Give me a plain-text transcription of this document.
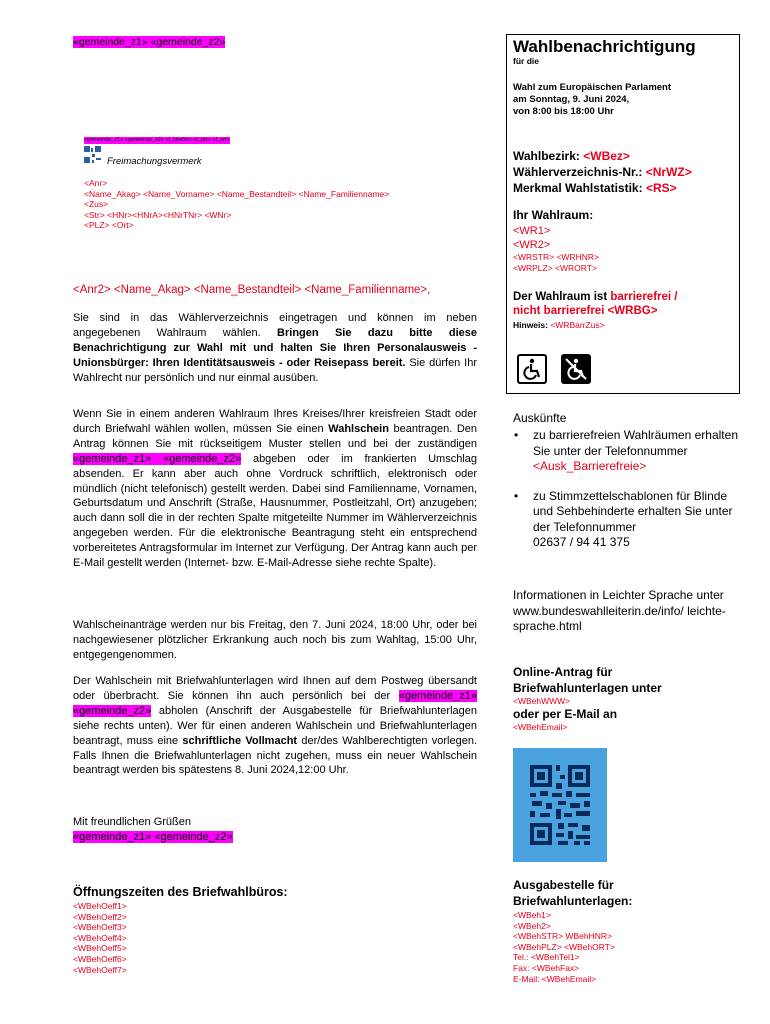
«gemeinde_z1» «gemeinde_z2»
«gemeinde_z1» «gemeinde_z2» «I_straße» «I_plz» «I_ort»
Freimachungsvermerk
<Anr>
<Name_Akag> <Name_Vorname> <Name_Bestandteil> <Name_Familienname>
<Zus>
<Str> <HNr><HNrA><HNrTNr> <WNr>
<PLZ> <Ort>
<Anr2> <Name_Akag> <Name_Bestandteil> <Name_Familienname>,

Sie sind in das Wählerverzeichnis eingetragen und können im neben angegebenen Wahlraum wählen. Bringen Sie dazu bitte diese Benachrichtigung zur Wahl mit und halten Sie Ihren Personalausweis - Unionsbürger: Ihren Identitätsausweis - oder Reisepass bereit. Sie dürfen Ihr Wahlrecht nur persönlich und nur einmal ausüben.

Wenn Sie in einem anderen Wahlraum Ihres Kreises/Ihrer kreisfreien Stadt oder durch Briefwahl wählen wollen, müssen Sie einen Wahlschein beantragen. Den Antrag können Sie mit rückseitigem Muster stellen und bei der zuständigen «gemeinde_z1» «gemeinde_z2» abgeben oder im frankierten Umschlag absenden. Er kann aber auch ohne Vordruck schriftlich, elektronisch oder mündlich (nicht telefonisch) gestellt werden. Dabei sind Familienname, Vornamen, Geburtsdatum und Anschrift (Straße, Hausnummer, Postleitzahl, Ort) anzugeben; auch dann soll die in der rechten Spalte mitgeteilte Nummer im Wählerverzeichnis angegeben werden. Für die elektronische Beantragung steht ein entsprechend vorbereitetes Antragsformular im Internet zur Verfügung. Der Antrag kann auch per E-Mail gestellt werden (Internet- bzw. E-Mail-Adresse siehe rechte Spalte).

Wahlscheinanträge werden nur bis Freitag, den 7. Juni 2024, 18:00 Uhr, oder bei nachgewiesener plötzlicher Erkrankung auch noch bis zum Wahltag, 15:00 Uhr, entgegengenommen.

Der Wahlschein mit Briefwahlunterlagen wird Ihnen auf dem Postweg übersandt oder überbracht. Sie können ihn auch persönlich bei der «gemeinde_z1» «gemeinde_z2» abholen (Anschrift der Ausgabestelle für Briefwahlunterlagen siehe rechts unten). Wer für einen anderen Wahlschein und Briefwahlunterlagen beantragt, muss eine schriftliche Vollmacht der/des Wahlberechtigten vorlegen. Falls Ihnen die Briefwahlunterlagen nicht zugehen, muss ein neuer Wahlschein beantragt werden bis spätestens 8. Juni 2024,12:00 Uhr.

Mit freundlichen Grüßen
«gemeinde_z1» «gemeinde_z2»
Öffnungszeiten des Briefwahlbüros:
<WBehOeff1>
<WBehOeff2>
<WBehOeff3>
<WBehOeff4>
<WBehOeff5>
<WBehOeff6>
<WBehOeff7>
Wahlbenachrichtigung
für die
Wahl zum Europäischen Parlament
am Sonntag, 9. Juni 2024,
von 8:00 bis 18:00 Uhr
Wahlbezirk: <WBez>
Wählerverzeichnis-Nr.: <NrWZ>
Merkmal Wahlstatistik: <RS>
Ihr Wahlraum:
<WR1>
<WR2>
<WRSTR> <WRHNR>
<WRPLZ> <WRORT>
Der Wahlraum ist barrierefrei /
nicht barrierefrei <WRBG>
Hinweis: <WRBarrZus>
Auskünfte
• zu barrierefreien Wahlräumen erhalten Sie unter der Telefonnummer
<Ausk_Barrierefreie>
• zu Stimmzettelschablonen für Blinde und Sehbehinderte erhalten Sie unter der Telefonnummer
02637 / 94 41 375
Informationen in Leichter Sprache unter www.bundeswahlleiterin.de/info/ leichte-sprache.html
Online-Antrag für Briefwahlunterlagen unter
<WBehWWW>
oder per E-Mail an
<WBehEmail>
Ausgabestelle für Briefwahlunterlagen:
<WBeh1>
<WBeh2>
<WBehSTR> WBehHNR>
<WBehPLZ> <WBehORT>
Tel.: <WBehTel1>
Fax: <WBehFax>
E-Mail: <WBehEmail>
